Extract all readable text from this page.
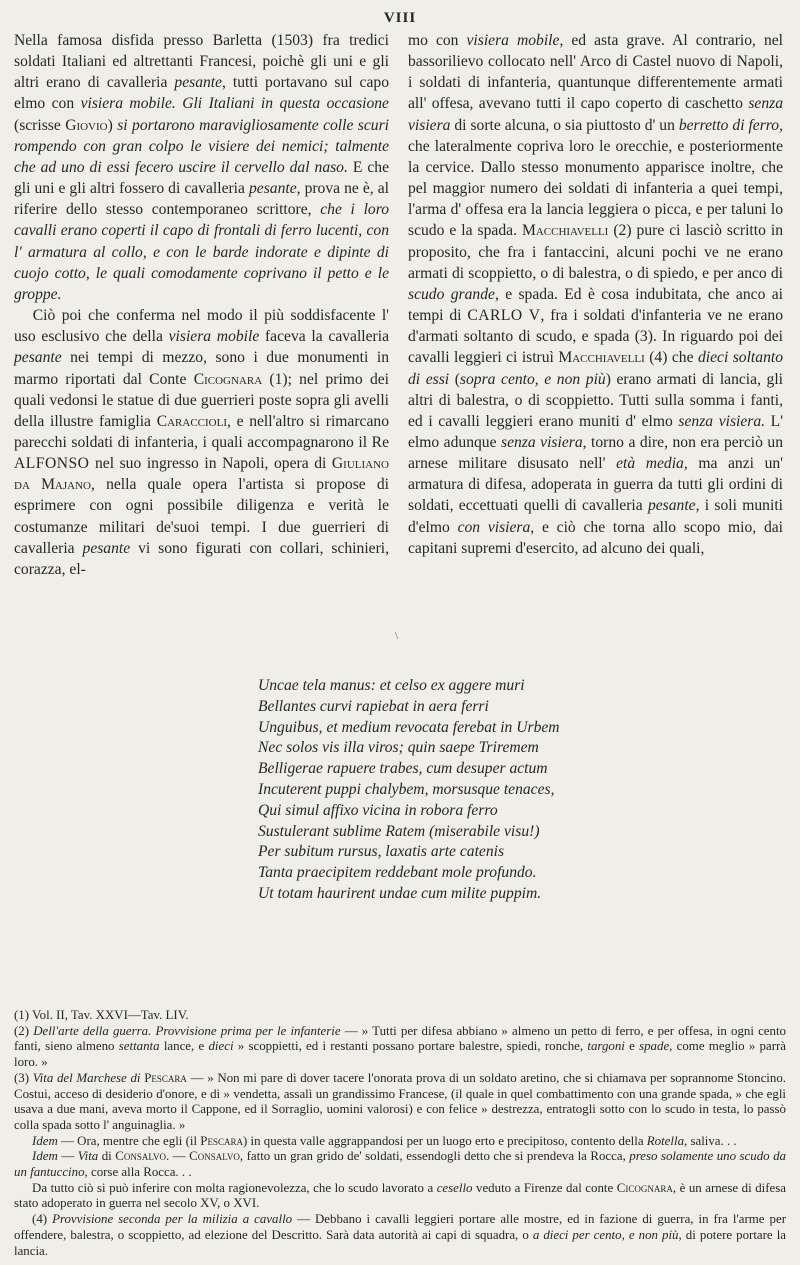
VIII

Nella famosa disfida presso Barletta (1503) fra tredici soldati Italiani ed altrettanti Francesi, poichè gli uni e gli altri erano di cavalleria pesante, tutti portavano sul capo elmo con visiera mobile. Gli Italiani in questa occasione (scrisse Giovio) si portarono maravigliosamente colle scuri rompendo con gran colpo le visiere dei nemici; talmente che ad uno di essi fecero uscire il cervello dal naso. E che gli uni e gli altri fossero di cavalleria pesante, prova ne è, al riferire dello stesso contemporaneo scrittore, che i loro cavalli erano coperti il capo di frontali di ferro lucenti, con l' armatura al collo, e con le barde indorate e dipinte di cuojo cotto, le quali comodamente coprivano il petto e le groppe.

Ciò poi che conferma nel modo il più soddisfacente l' uso esclusivo che della visiera mobile faceva la cavalleria pesante nei tempi di mezzo, sono i due monumenti in marmo riportati dal Conte Cicognara (1); nel primo dei quali vedonsi le statue di due guerrieri poste sopra gli avelli della illustre famiglia Caraccioli, e nell'altro si rimarcano parecchi soldati di infanteria, i quali accompagnarono il Re ALFONSO nel suo ingresso in Napoli, opera di Giuliano da Majano, nella quale opera l'artista si propose di esprimere con ogni possibile diligenza e verità le costumanze militari de'suoi tempi. I due guerrieri di cavalleria pesante vi sono figurati con collari, schinieri, corazza, el-

mo con visiera mobile, ed asta grave. Al contrario, nel bassorilievo collocato nell' Arco di Castel nuovo di Napoli, i soldati di infanteria, quantunque differentemente armati all' offesa, avevano tutti il capo coperto di caschetto senza visiera di sorte alcuna, o sia piuttosto d' un berretto di ferro, che lateralmente copriva loro le orecchie, e posteriormente la cervice. Dallo stesso monumento apparisce inoltre, che pel maggior numero dei soldati di infanteria a quei tempi, l'arma d' offesa era la lancia leggiera o picca, e per taluni lo scudo e la spada. Macchiavelli (2) pure ci lasciò scritto in proposito, che fra i fantaccini, alcuni pochi ve ne erano armati di scoppietto, o di balestra, o di spiedo, e per anco di scudo grande, e spada. Ed è cosa indubitata, che anco ai tempi di CARLO V, fra i soldati d'infanteria ve ne erano d'armati soltanto di scudo, e spada (3). In riguardo poi dei cavalli leggieri ci istruì Macchiavelli (4) che dieci soltanto di essi (sopra cento, e non più) erano armati di lancia, gli altri di balestra, o di scoppietto. Tutti sulla somma i fanti, ed i cavalli leggieri erano muniti d' elmo senza visiera. L' elmo adunque senza visiera, torno a dire, non era perciò un arnese militare disusato nell' età media, ma anzi un' armatura di difesa, adoperata in guerra da tutti gli ordini di soldati, eccettuati quelli di cavalleria pesante, i soli muniti d'elmo con visiera, e ciò che torna allo scopo mio, dai capitani supremi d'esercito, ad alcuno dei quali,

\
Uncae tela manus: et celso ex aggere muri
Bellantes curvi rapiebat in aera ferri
Unguibus, et medium revocata ferebat in Urbem
Nec solos vis illa viros; quin saepe Triremem
Belligerae rapuere trabes, cum desuper actum
Incuterent puppi chalybem, morsusque tenaces,
Qui simul affixo vicina in robora ferro
Sustulerant sublime Ratem (miserabile visu!)
Per subitum rursus, laxatis arte catenis
Tanta praecipitem reddebant mole profundo.
Ut totam haurirent undae cum milite puppim.

(1) Vol. II, Tav. XXVI—Tav. LIV.

(2) Dell'arte della guerra. Provvisione prima per le infanterie — » Tutti per difesa abbiano » almeno un petto di ferro, e per offesa, in ogni cento fanti, sieno almeno settanta lance, e dieci » scoppietti, ed i restanti possano portare balestre, spiedi, ronche, targoni e spade, come meglio » parrà loro. »

(3) Vita del Marchese di Pescara — » Non mi pare di dover tacere l'onorata prova di un soldato aretino, che si chiamava per soprannome Stoncino. Costui, acceso di desiderio d'onore, e di » vendetta, assalì un grandissimo Francese, (il quale in quel combattimento con una grande spada, » che egli usava a due mani, aveva morto il Cappone, ed il Sorraglio, uomini valorosi) e con felice » destrezza, entratogli sotto con lo scudo in testa, lo passò colla spada sotto l' anguinaglia. »

Idem — Ora, mentre che egli (il Pescara) in questa valle aggrappandosi per un luogo erto e precipitoso, contento della Rotella, saliva. . .

Idem — Vita di Consalvo. — Consalvo, fatto un gran grido de' soldati, essendogli detto che si prendeva la Rocca, preso solamente uno scudo da un fantuccino, corse alla Rocca. . .

Da tutto ciò si può inferire con molta ragionevolezza, che lo scudo lavorato a cesello veduto a Firenze dal conte Cicognara, è un arnese di difesa stato adoperato in guerra nel secolo XV, o XVI.

(4) Provvisione seconda per la milizia a cavallo — Debbano i cavalli leggieri portare alle mostre, ed in fazione di guerra, in fra l'arme per offendere, balestra, o scoppietto, ad elezione del Descritto. Sarà data autorità ai capi di squadra, o a dieci per cento, e non più, di potere portare la lancia.
